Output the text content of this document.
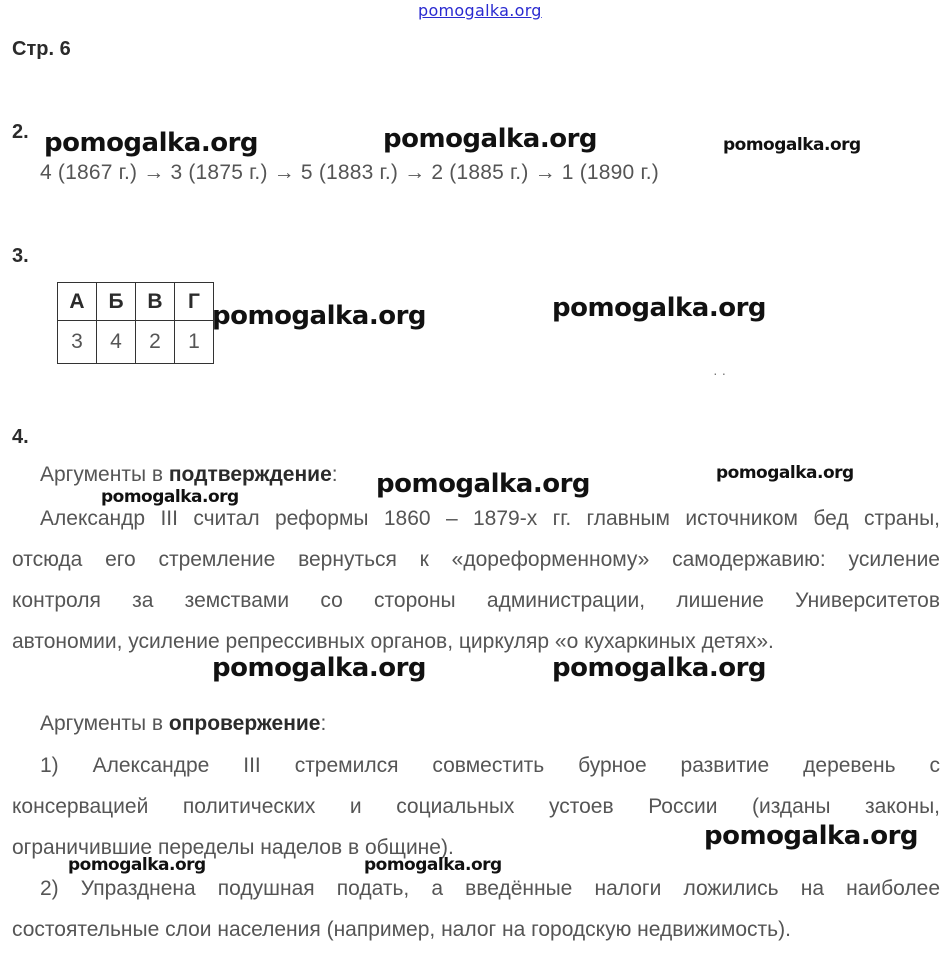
pomogalka.org
Стр. 6
2.
4 (1867 г.) → 3 (1875 г.) → 5 (1883 г.) → 2 (1885 г.) → 1 (1890 г.)
3.
А	Б	В	Г
3	4	2	1
4.
Аргументы в подтверждение:
Александр III считал реформы 1860 – 1879-х гг. главным источником бед страны,
отсюда его стремление вернуться к «дореформенному» самодержавию: усиление
контроля за земствами со стороны администрации, лишение Университетов
автономии, усиление репрессивных органов, циркуляр «о кухаркиных детях».
Аргументы в опровержение:
1) Александре III стремился совместить бурное развитие деревень с
консервацией политических и социальных устоев России (изданы законы,
ограничившие переделы наделов в общине).
2) Упразднена подушная подать, а введённые налоги ложились на наиболее
состоятельные слои населения (например, налог на городскую недвижимость).
pomogalka.org	pomogalka.org	pomogalka.org
pomogalka.org	pomogalka.org
· ·
pomogalka.org	pomogalka.org
pomogalka.org
pomogalka.org	pomogalka.org
pomogalka.org
pomogalka.org	pomogalka.org
